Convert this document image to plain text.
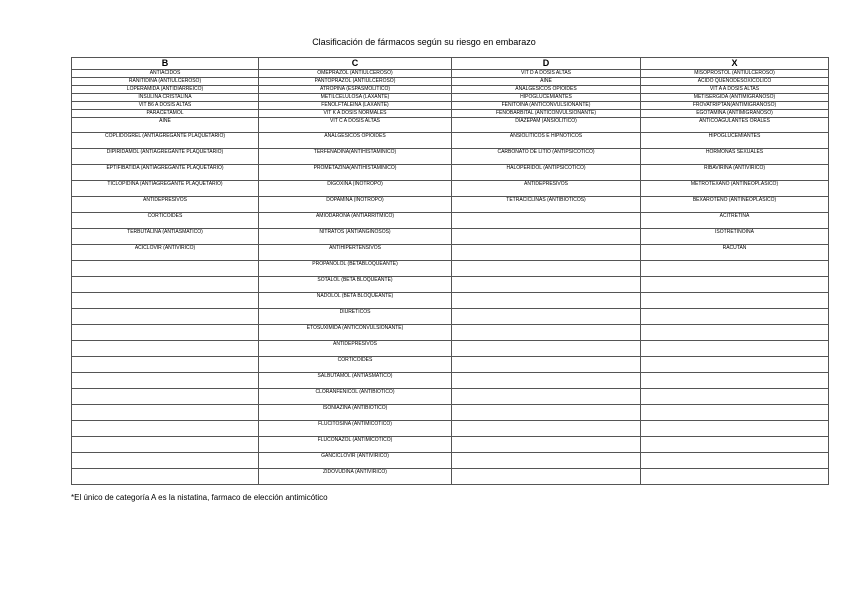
Clasificación de fármacos según su riesgo en embarazo
B	C	D	X
ANTIACIDOS	OMEPRAZOL (ANTIULCEROSO)	VIT D A DOSIS ALTAS	MISOPROSTOL (ANTIULCEROSO)
RANITIDINA (ANTIULCEROSO)	PANTOPRAZOL (ANTIULCEROSO)	AINE	ACIDO QUENODESOXICOLICO
LOPERAMIDA (ANTIDIARREICO)	ATROPINA (ESPASMOLITICO)	ANALGESICOS OPIOIDES	VIT A A DOSIS ALTAS
INSULINA CRISTALINA	METILCELULOSA (LAXANTE)	HIPOGLUCEMIANTES	METISERGIDA (ANTIMIGRANOSO)
VIT B6 A DOSIS ALTAS	FENOLFTALEINA (LAXANTE)	FENITOINA (ANTICONVULSIONANTE)	FROVATRIPTAN(ANTIMIGRANOSO)
PARACETAMOL	VIT K A DOSIS NORMALES	FENOBARBITAL (ANTICONVULSIONANTE)	EGOTAMINA (ANTIMIGRANOSO)
AINE	VIT C A DOSIS ALTAS	DIAZEPAM (ANSIOLITICO)	ANTICOAGULANTES ORALES
COPLIDOGREL (ANTIAGREGANTE PLAQUETARIO)	ANALGESICOS OPIOIDES	ANSIOLITICOS E HIPNOTICOS	HIPOGLUCEMIANTES
DIPIRIDAMOL (ANTIAGREGANTE PLAQUETARIO)	TERFENADINA(ANTIHISTAMINICO)	CARBONATO DE LITIO (ANTIPSICOTICO)	HORMONAS SEXUALES
EPTIFIBATIDA (ANTIAGREGANTE PLAQUETARIO)	PROMETAZINA(ANTIHISTAMINICO)	HALOPERIDOL (ANTIPSICOTICO)	RIBAVIRINA (ANTIVIRICO)
TICLOPIDINA (ANTIAGREGANTE PLAQUETARIO)	DIGOXINA (INOTROPO)	ANTIDEPRESIVOS	METROTEXANO (ANTINEOPLASICO)
ANTIDEPRESIVOS	DOPAMINA (INOTROPO)	TETRACICLINAS (ANTIBIOTICOS)	BEXAROTENO (ANTINEOPLASICO)
CORTICOIDES	AMIODARONA (ANTIARRITMICO)		ACITRETINA
TERBUTALINA (ANTIASMATICO)	NITRATOS (ANTIANGINOSOS)		ISOTRETINOINA
ACICLOVIR (ANTIVIRICO)	ANTIHIPERTENSIVOS		RACUTAN
	PROPANOLOL (BETABLOQUEANTE)		
	SOTALOL (BETA BLOQUEANTE)		
	NADOLOL (BETA BLOQUEANTE)		
	DIURETICOS		
	ETOSUXIMIDA (ANTICONVULSIONANTE)		
	ANTIDEPRESIVOS		
	CORTICOIDES		
	SALBUTAMOL (ANTIASMATICO)		
	CLORANFENICOL (ANTIBIOTICO)		
	ISONIAZINA (ANTIBIOTICO)		
	FLUCITOSINA (ANTIMICOTICO)		
	FLUCONAZOL (ANTIMICOTICO)		
	GANCICLOVIR (ANTIVIRICO)		
	ZIDOVUDINA (ANTIVIRICO)		
*El único de categoría A es la nistatina, farmaco de elección antimicótico
